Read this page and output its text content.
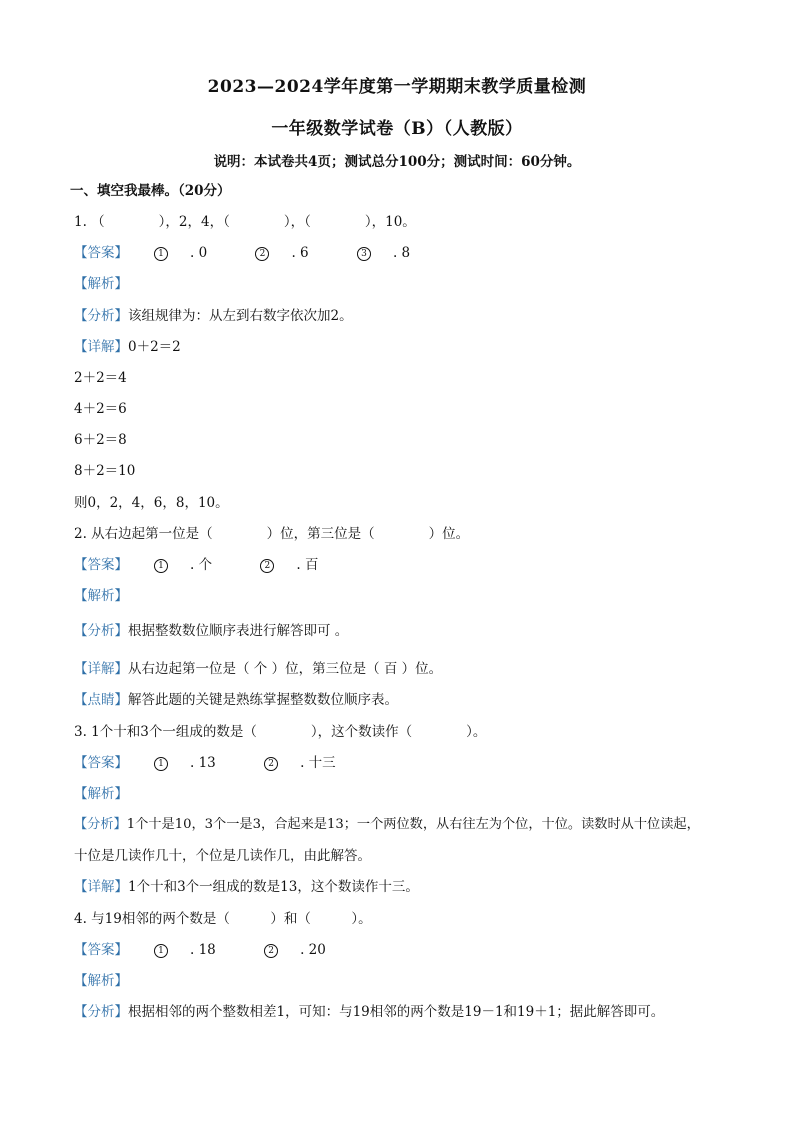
2023—2024学年度第一学期期末教学质量检测
一年级数学试卷（B）（人教版）
说明：本试卷共4页；测试总分100分；测试时间：60分钟。
一、填空我最棒。（20分）
1. （　　　　），2，4，（　　　　），（　　　　），10。
【答案】	1 . 0	2 . 6	3 . 8
【解析】
【分析】该组规律为：从左到右数字依次加2。
【详解】0＋2＝2
2＋2＝4
4＋2＝6
6＋2＝8
8＋2＝10
则0，2，4，6，8，10。
2. 从右边起第一位是（　　　　）位，第三位是（　　　　）位。
【答案】	1 . 个	2 . 百
【解析】
【分析】根据整数数位顺序表进行解答即可 。
【详解】从右边起第一位是（ 个 ）位，第三位是（ 百 ）位。
【点睛】解答此题的关键是熟练掌握整数数位顺序表。
3. 1个十和3个一组成的数是（　　　　），这个数读作（　　　　）。
【答案】	1 . 13	2 . 十三
【解析】
【分析】1个十是10，3个一是3，合起来是13；一个两位数，从右往左为个位，十位。读数时从十位读起，
十位是几读作几十，个位是几读作几，由此解答。
【详解】1个十和3个一组成的数是13，这个数读作十三。
4. 与19相邻的两个数是（　　　）和（　　　）。
【答案】	1 . 18	2 . 20
【解析】
【分析】根据相邻的两个整数相差1，可知：与19相邻的两个数是19－1和19＋1；据此解答即可。
